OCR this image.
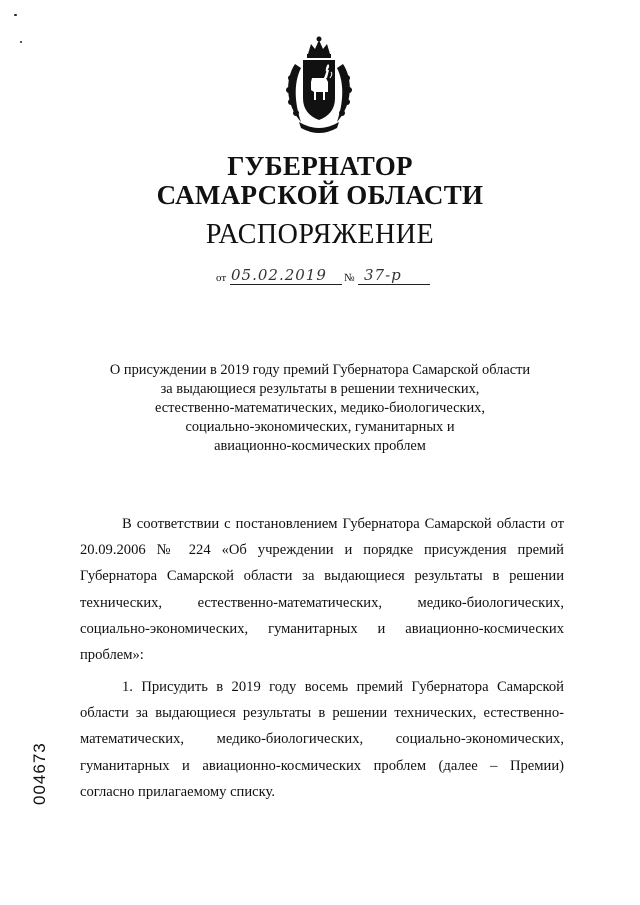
ГУБЕРНАТОР
САМАРСКОЙ ОБЛАСТИ
РАСПОРЯЖЕНИЕ
от 05.02.2019 № 37-р
О присуждении в 2019 году премий Губернатора Самарской области
за выдающиеся результаты в решении технических,
естественно-математических, медико-биологических,
социально-экономических, гуманитарных и
авиационно-космических проблем

В соответствии с постановлением Губернатора Самарской области от 20.09.2006 № 224 «Об учреждении и порядке присуждения премий Губернатора Самарской области за выдающиеся результаты в решении технических, естественно-математических, медико-биологических, социально-экономических, гуманитарных и авиационно-космических проблем»:

1. Присудить в 2019 году восемь премий Губернатора Самарской области за выдающиеся результаты в решении технических, естественно-математических, медико-биологических, социально-экономических, гуманитарных и авиационно-космических проблем (далее – Премии) согласно прилагаемому списку.

004673
